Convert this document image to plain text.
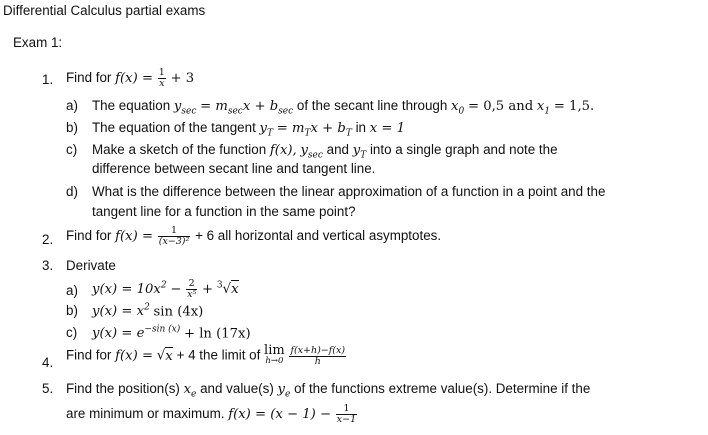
Differential Calculus partial exams
Exam 1:
1. Find for $f(x) = \frac{1}{x} + 3$
a) The equation $y_{sec} = m_{sec}x + b_{sec}$ of the secant line through $x_0 = 0,5$ and $x_1 = 1,5$.
b) The equation of the tangent $y_T = m_Tx + b_T$ in x = 1
c) Make a sketch of the function f(x), $y_{sec}$ and $y_T$ into a single graph and note the
difference between secant line and tangent line.
d) What is the difference between the linear approximation of a function in a point and the
tangent line for a function in the same point?
2. Find for $f(x) = \frac{1}{\text{(x−3)²}} + 6$ all horizontal and vertical asymptotes.
3. Derivate
a) $y(x) = 10x^2 - \frac{2}{\text{x⁵}} + ^3√x$
b) $y(x) = x^2$ sin (4x)
c) $y(x) = e^{-sin (x)} + \ln (17x)$
4. Find for f(x) = √x + 4 the limit of lim
h→0
$\frac{f(x+h)-f(x)}{h}$
5. Find the position(s) $x_e$ and value(s) $y_e$ of the functions extreme value(s). Determine if the
are minimum or maximum. $f(x) = (x - 1) - \frac{1}{x-1}$
